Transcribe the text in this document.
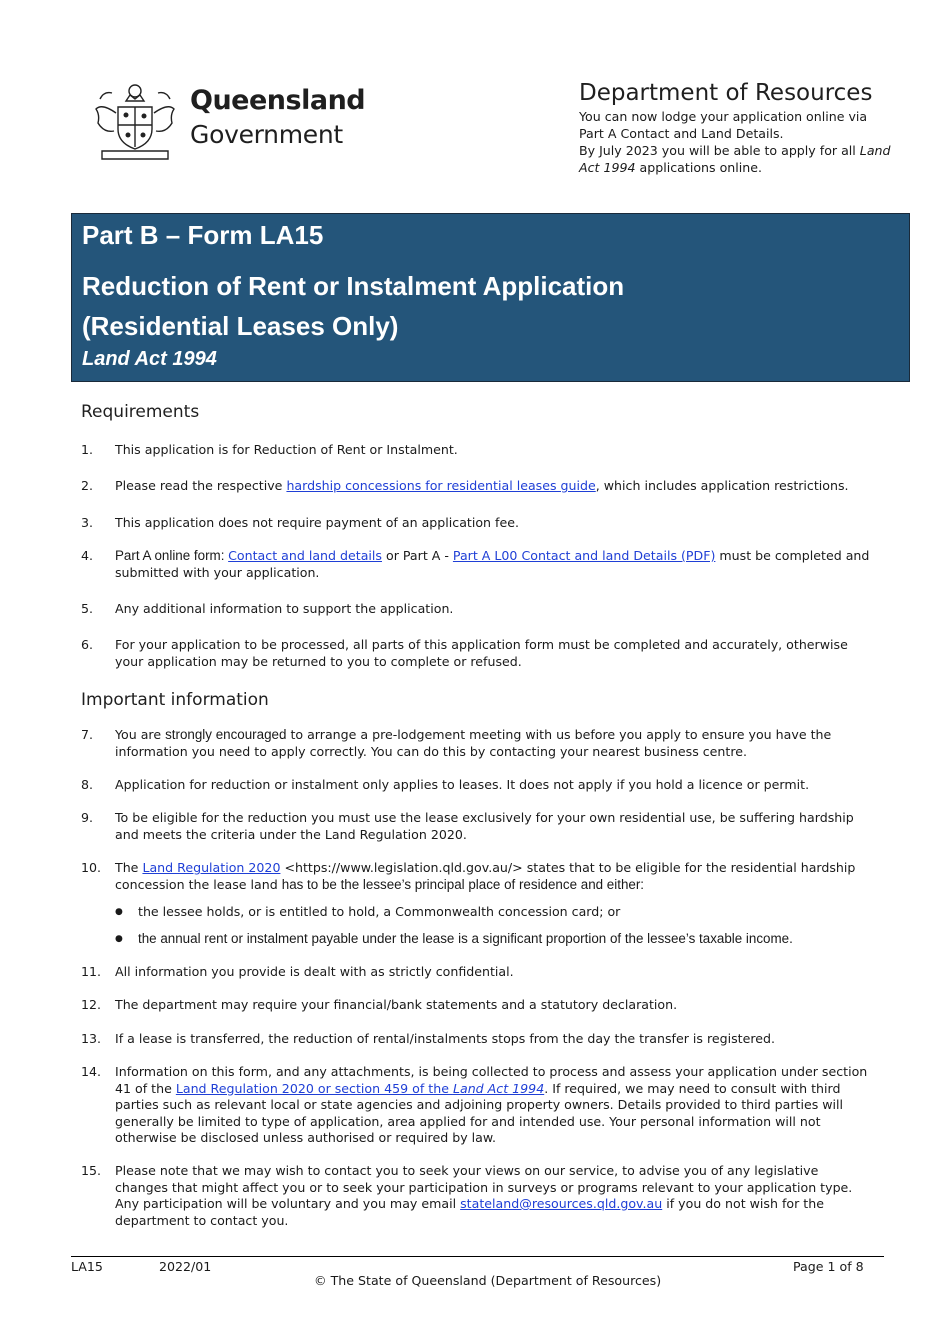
Queensland
Government
Department of Resources
You can now lodge your application online via
Part A Contact and Land Details.
By July 2023 you will be able to apply for all Land Act 1994 applications online.
Part B – Form LA15
Reduction of Rent or Instalment Application
(Residential Leases Only)
Land Act 1994
Requirements
1.	This application is for Reduction of Rent or Instalment.
2.	Please read the respective hardship concessions for residential leases guide, which includes application restrictions.
3.	This application does not require payment of an application fee.
4.	Part A online form: Contact and land details or Part A - Part A L00 Contact and land Details (PDF) must be completed and submitted with your application.
5.	Any additional information to support the application.
6.	For your application to be processed, all parts of this application form must be completed and accurately, otherwise your application may be returned to you to complete or refused.
Important information
7.	You are strongly encouraged to arrange a pre-lodgement meeting with us before you apply to ensure you have the information you need to apply correctly. You can do this by contacting your nearest business centre.
8.	Application for reduction or instalment only applies to leases. It does not apply if you hold a licence or permit.
9.	To be eligible for the reduction you must use the lease exclusively for your own residential use, be suffering hardship and meets the criteria under the Land Regulation 2020.
10.	The Land Regulation 2020 <https://www.legislation.qld.gov.au/> states that to be eligible for the residential hardship concession the lease land has to be the lessee’s principal place of residence and either:
● the lessee holds, or is entitled to hold, a Commonwealth concession card; or
● the annual rent or instalment payable under the lease is a significant proportion of the lessee’s taxable income.
11.	All information you provide is dealt with as strictly confidential.
12.	The department may require your financial/bank statements and a statutory declaration.
13.	If a lease is transferred, the reduction of rental/instalments stops from the day the transfer is registered.
14.	Information on this form, and any attachments, is being collected to process and assess your application under section 41 of the Land Regulation 2020 or section 459 of the Land Act 1994. If required, we may need to consult with third parties such as relevant local or state agencies and adjoining property owners. Details provided to third parties will generally be limited to type of application, area applied for and intended use. Your personal information will not otherwise be disclosed unless authorised or required by law.
15.	Please note that we may wish to contact you to seek your views on our service, to advise you of any legislative changes that might affect you or to seek your participation in surveys or programs relevant to your application type. Any participation will be voluntary and you may email stateland@resources.qld.gov.au if you do not wish for the department to contact you.
LA15	2022/01	Page 1 of 8
© The State of Queensland (Department of Resources)
